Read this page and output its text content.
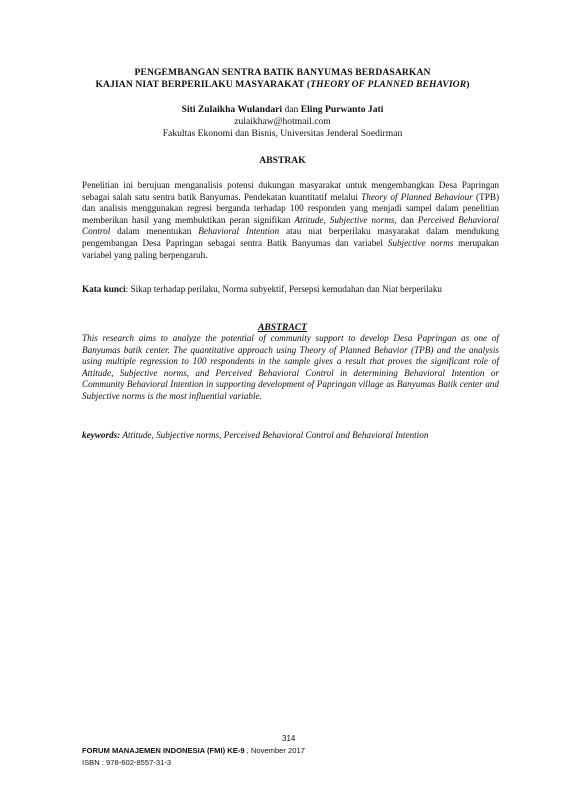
PENGEMBANGAN SENTRA BATIK BANYUMAS BERDASARKAN
KAJIAN NIAT BERPERILAKU MASYARAKAT (THEORY OF PLANNED BEHAVIOR)
Siti Zulaikha Wulandari dan Eling Purwanto Jati
zulaikhaw@hotmail.com
Fakultas Ekonomi dan Bisnis, Universitas Jenderal Soedirman
ABSTRAK
Penelitian ini berujuan menganalisis potensi dukungan masyarakat untuk mengembangkan Desa Papringan sebagai salah satu sentra batik Banyumas. Pendekatan kuantitatif melalui Theory of Planned Behaviour (TPB) dan analisis menggunakan regresi berganda terhadap 100 responden yang menjadi sampel dalam penelitian memberikan hasil yang membuktikan peran signifikan Attitude, Subjective norms, dan Perceived Behavioral Control dalam menentukan Behavioral Intention atau niat berperilaku masyarakat dalam mendukung pengembangan Desa Papringan sebagai sentra Batik Banyumas dan variabel Subjective norms merupakan variabel yang paling berpengaruh.
Kata kunci: Sikap terhadap perilaku, Norma subyektif, Persepsi kemudahan dan Niat berperilaku
ABSTRACT
This research aims to analyze the potential of community support to develop Desa Papringan as one of Banyumas batik center. The quantitative approach using Theory of Planned Behavior (TPB) and the analysis using multiple regression to 100 respondents in the sample gives a result that proves the significant role of Attitude, Subjective norms, and Perceived Behavioral Control in determining Behavioral Intention or Community Behavioral Intention in supporting development of Papringan village as Banyumas Batik center and Subjective norms is the most influential variable.
keywords: Attitude, Subjective norms, Perceived Behavioral Control and Behavioral Intention
314
FORUM MANAJEMEN INDONESIA (FMI) KE-9 , November 2017
ISBN : 978-602-8557-31-3
